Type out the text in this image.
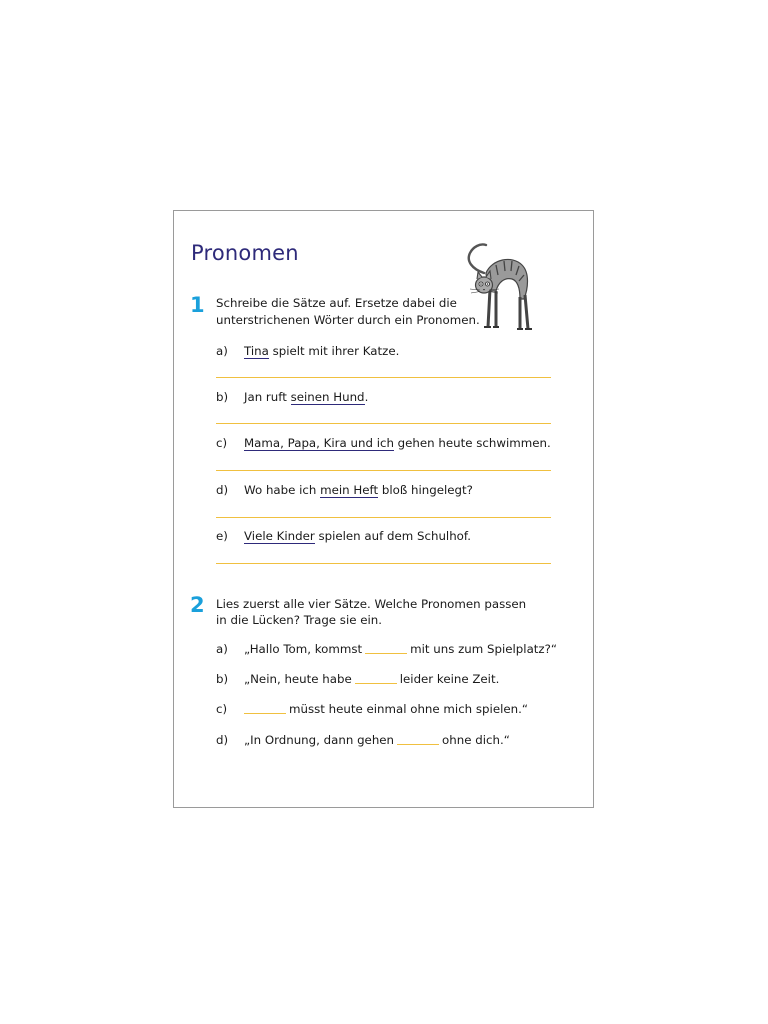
Pronomen
1 Schreibe die Sätze auf. Ersetze dabei die
unterstrichenen Wörter durch ein Pronomen.
a) Tina spielt mit ihrer Katze.
b) Jan ruft seinen Hund.
c) Mama, Papa, Kira und ich gehen heute schwimmen.
d) Wo habe ich mein Heft bloß hingelegt?
e) Viele Kinder spielen auf dem Schulhof.
2 Lies zuerst alle vier Sätze. Welche Pronomen passen
in die Lücken? Trage sie ein.
a) „Hallo Tom, kommst	mit uns zum Spielplatz?“
b) „Nein, heute habe	leider keine Zeit.
c)	müsst heute einmal ohne mich spielen.“
d) „In Ordnung, dann gehen	ohne dich.“
